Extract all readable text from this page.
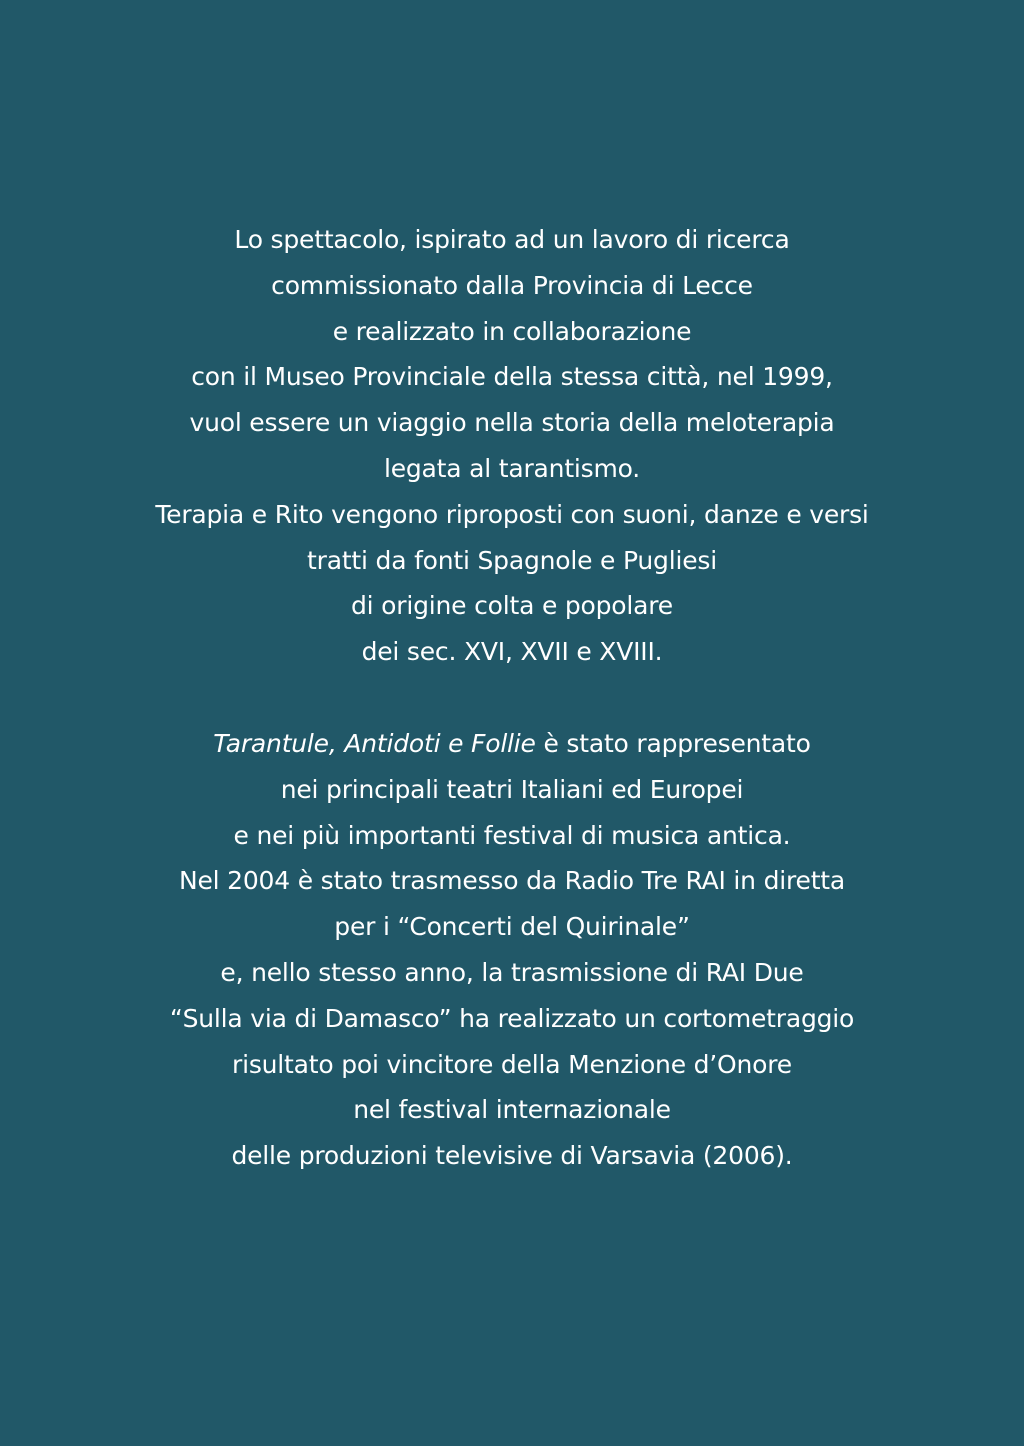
Lo spettacolo, ispirato ad un lavoro di ricerca
commissionato dalla Provincia di Lecce
e realizzato in collaborazione
con il Museo Provinciale della stessa città, nel 1999,
vuol essere un viaggio nella storia della meloterapia
legata al tarantismo.
Terapia e Rito vengono riproposti con suoni, danze e versi
tratti da fonti Spagnole e Pugliesi
di origine colta e popolare
dei sec. XVI, XVII e XVIII.
Tarantule, Antidoti e Follie è stato rappresentato
nei principali teatri Italiani ed Europei
e nei più importanti festival di musica antica.
Nel 2004 è stato trasmesso da Radio Tre RAI in diretta
per i “Concerti del Quirinale”
e, nello stesso anno, la trasmissione di RAI Due
“Sulla via di Damasco” ha realizzato un cortometraggio
risultato poi vincitore della Menzione d’Onore
nel festival internazionale
delle produzioni televisive di Varsavia (2006).
